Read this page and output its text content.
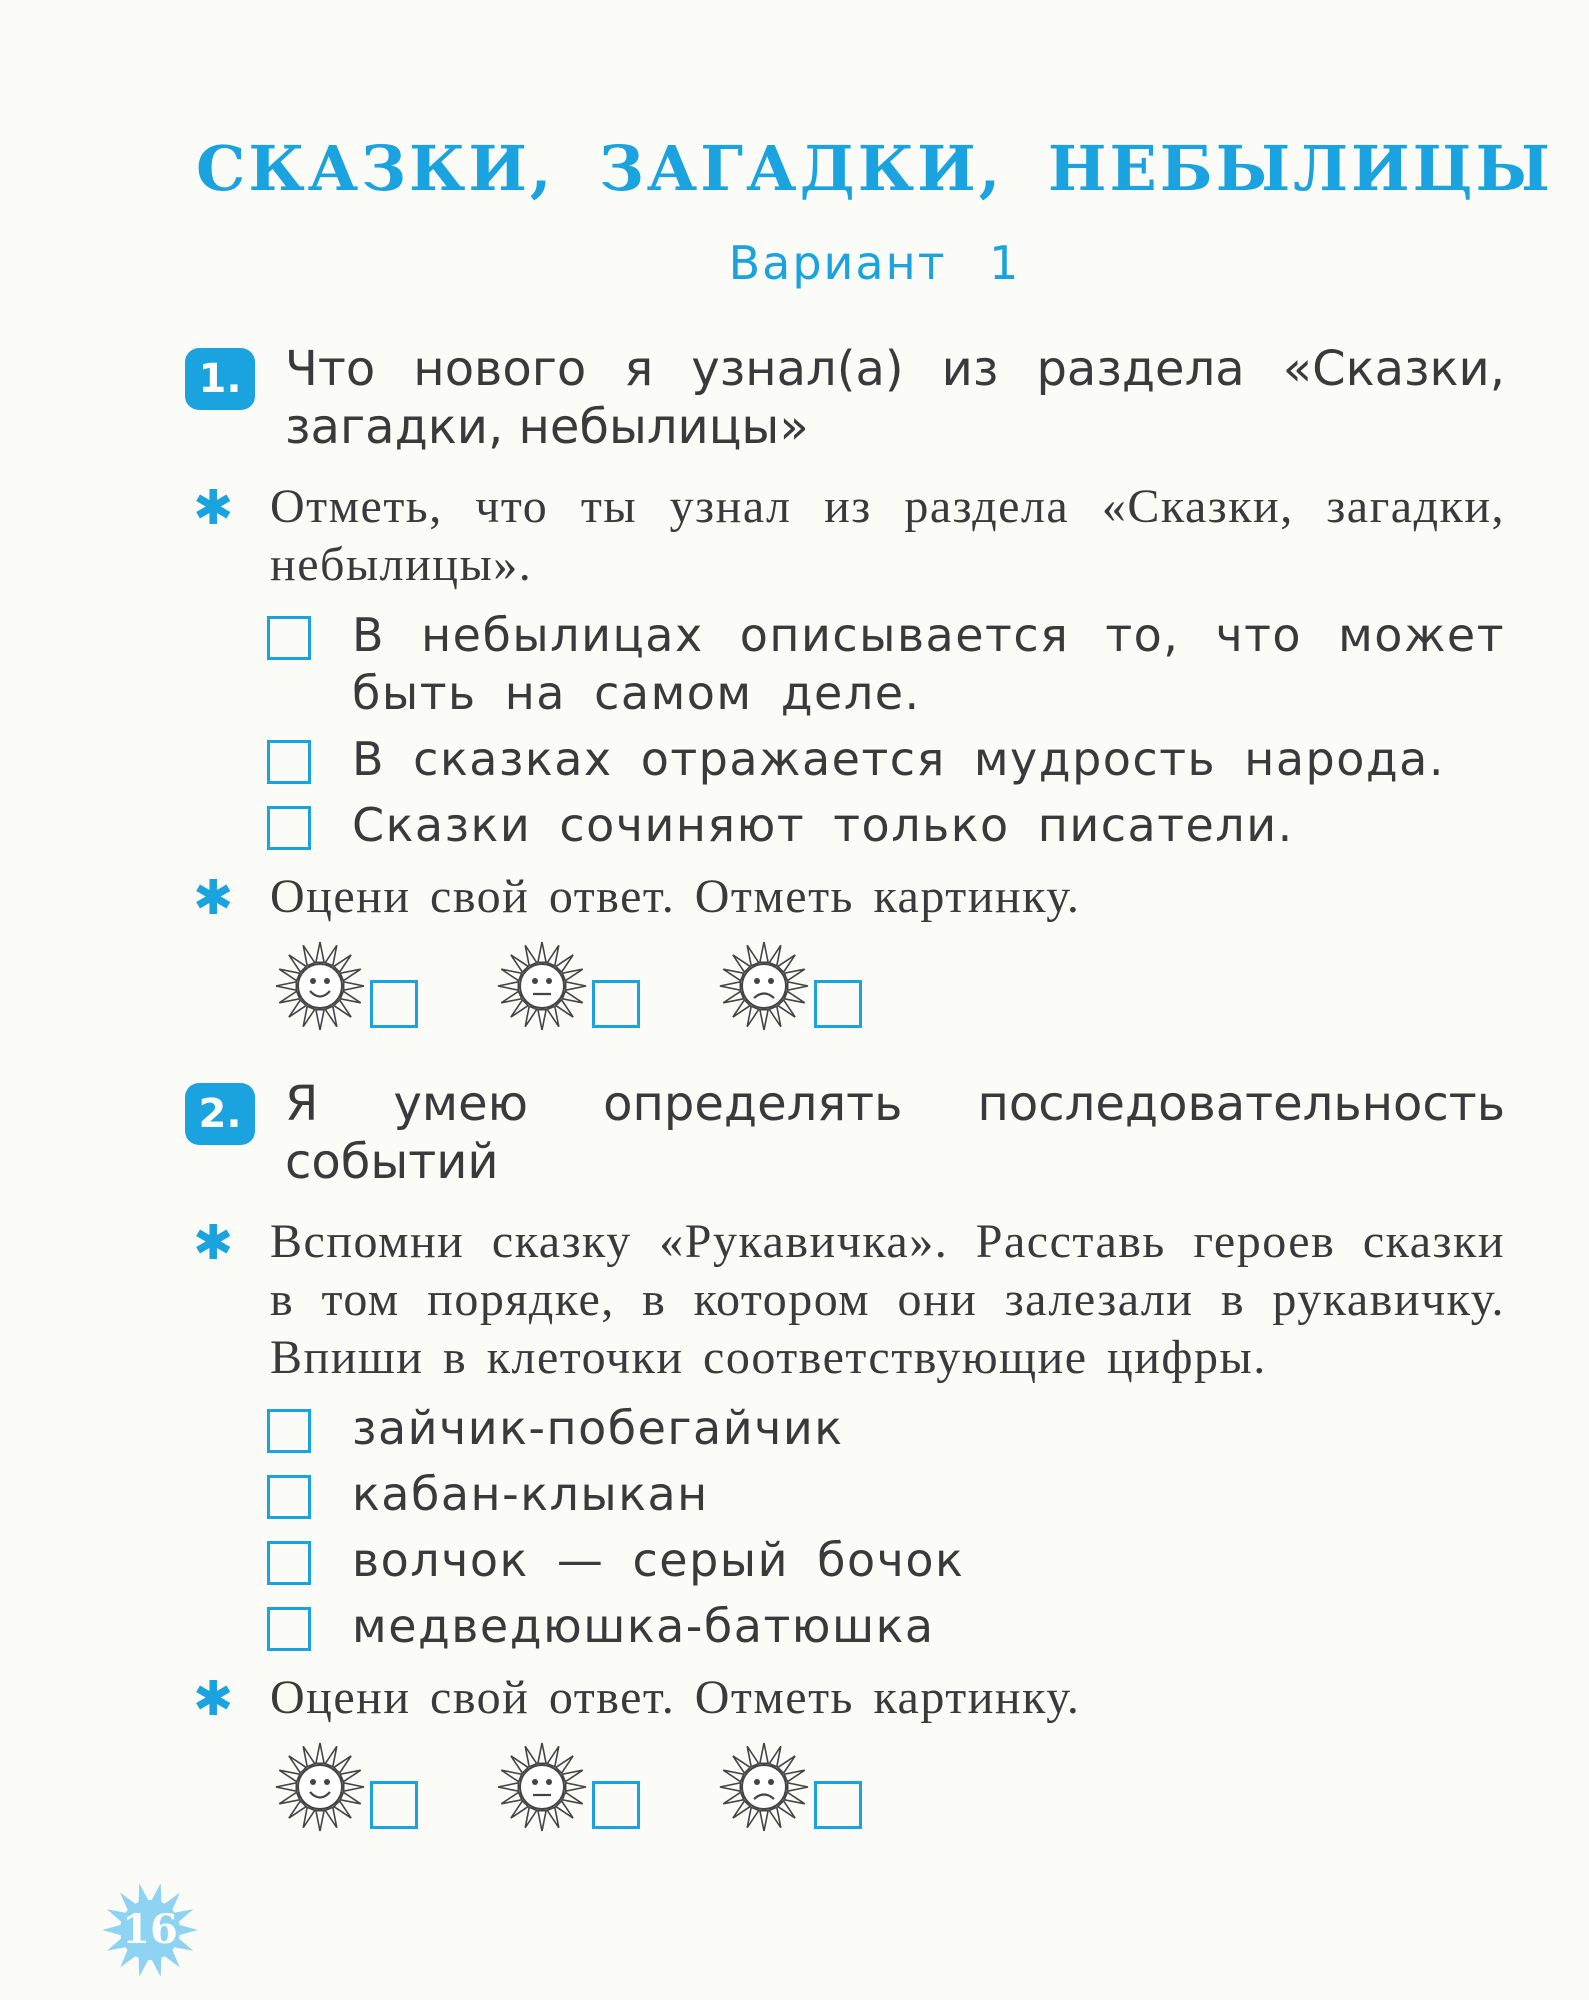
СКАЗКИ, ЗАГАДКИ, НЕБЫЛИЦЫ
Вариант 1
1. Что нового я узнал(а) из раздела «Сказки, загадки, небылицы»
✱ Отметь, что ты узнал из раздела «Сказки, загадки, небылицы».
В небылицах описывается то, что может быть на самом деле.
В сказках отражается мудрость народа.
Сказки сочиняют только писатели.
✱ Оцени свой ответ. Отметь картинку.
2. Я умею определять последовательность событий
✱ Вспомни сказку «Рукавичка». Расставь героев сказки в том порядке, в котором они залезали в рукавичку. Впиши в клеточки соответствующие цифры.
зайчик-побегайчик
кабан-клыкан
волчок — серый бочок
медведюшка-батюшка
✱ Оцени свой ответ. Отметь картинку.
16
